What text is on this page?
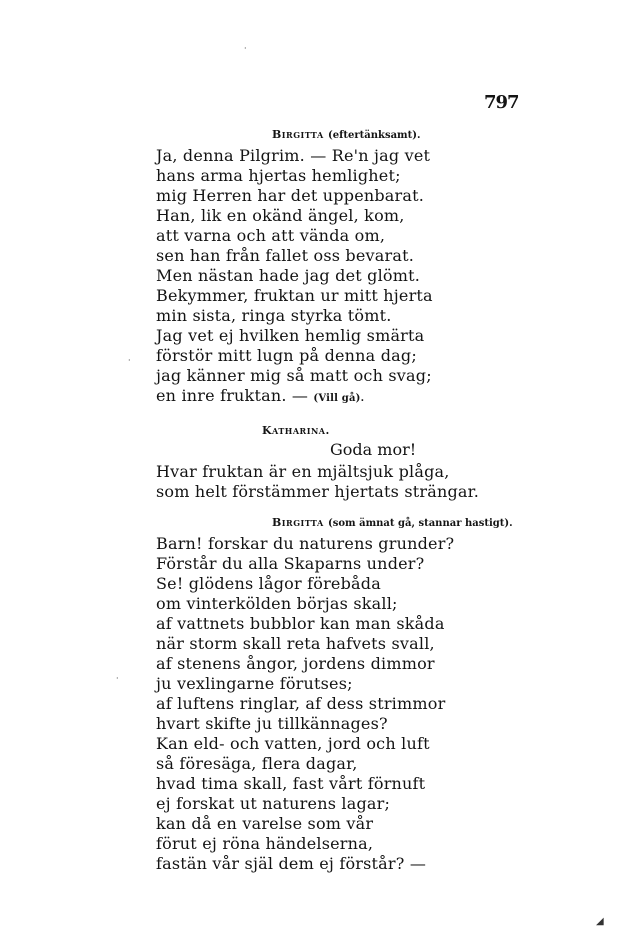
797
Birgitta (eftertänksamt).
Ja, denna Pilgrim. — Re'n jag vet
hans arma hjertas hemlighet;
mig Herren har det uppenbarat.
Han, lik en okänd ängel, kom,
att varna och att vända om,
sen han från fallet oss bevarat.
Men nästan hade jag det glömt.
Bekymmer, fruktan ur mitt hjerta
min sista, ringa styrka tömt.
Jag vet ej hvilken hemlig smärta
förstör mitt lugn på denna dag;
jag känner mig så matt och svag;
en inre fruktan. — (Vill gå).
Katharina.
Goda mor!
Hvar fruktan är en mjältsjuk plåga,
som helt förstämmer hjertats strängar.
Birgitta (som ämnat gå, stannar hastigt).
Barn! forskar du naturens grunder?
Förstår du alla Skaparns under?
Se! glödens lågor förebåda
om vinterkölden börjas skall;
af vattnets bubblor kan man skåda
när storm skall reta hafvets svall,
af stenens ångor, jordens dimmor
ju vexlingarne förutses;
af luftens ringlar, af dess strimmor
hvart skifte ju tillkännages?
Kan eld- och vatten, jord och luft
så föresäga, flera dagar,
hvad tima skall, fast vårt förnuft
ej forskat ut naturens lagar;
kan då en varelse som vår
förut ej röna händelserna,
fastän vår själ dem ej förstår? —
·
·
·
◢
